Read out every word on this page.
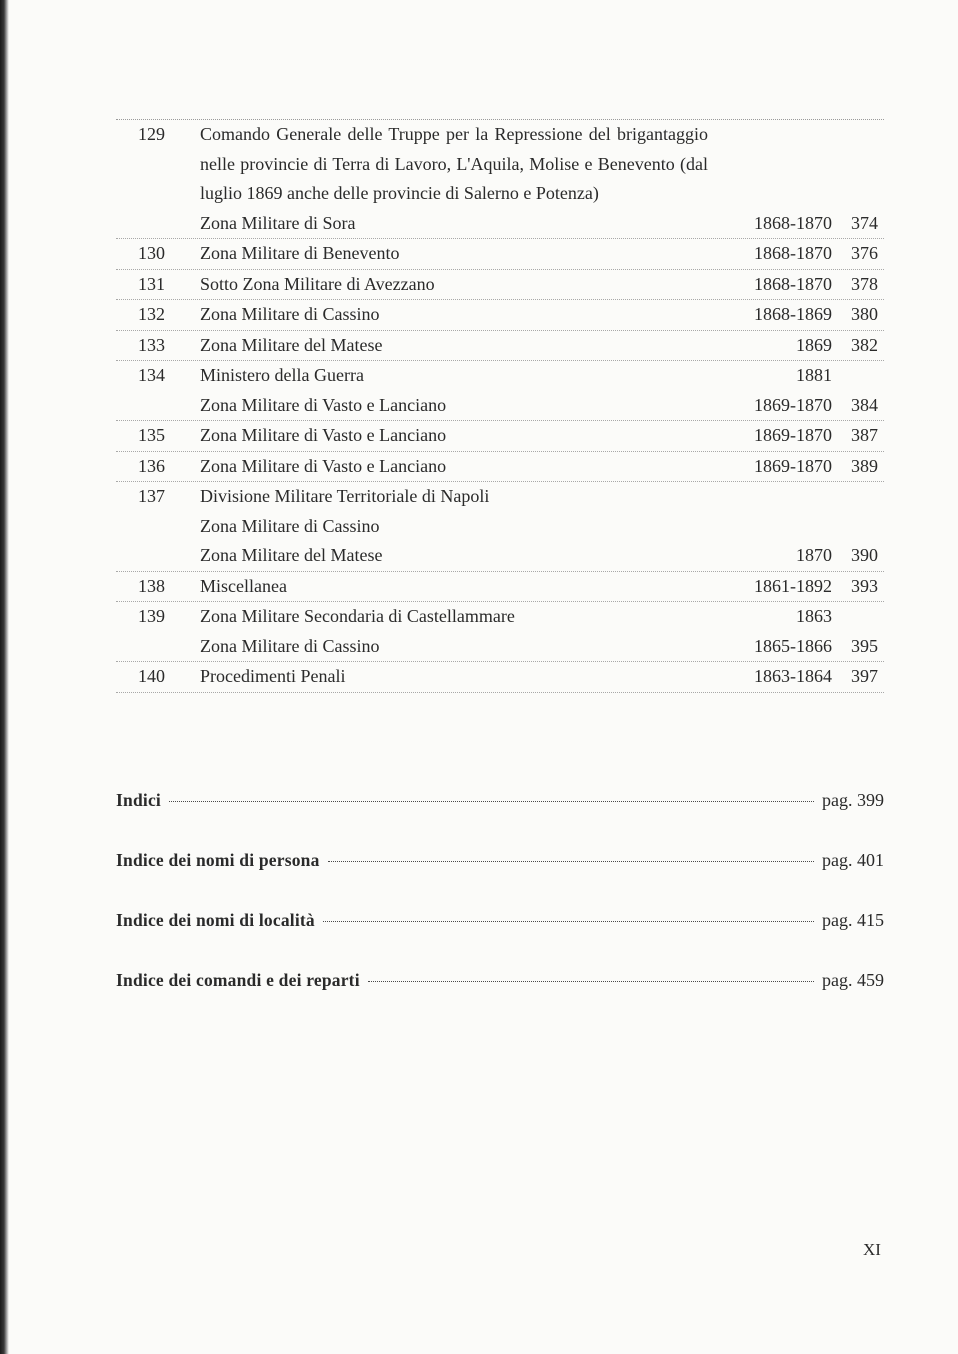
129	Comando Generale delle Truppe per la Repressione del brigantaggio nelle provincie di Terra di Lavoro, L'Aquila, Molise e Benevento (dal luglio 1869 anche delle provincie di Salerno e Potenza)
Zona Militare di Sora	1868-1870	374
130	Zona Militare di Benevento	1868-1870	376
131	Sotto Zona Militare di Avezzano	1868-1870	378
132	Zona Militare di Cassino	1868-1869	380
133	Zona Militare del Matese	1869	382
134	Ministero della Guerra	1881
Zona Militare di Vasto e Lanciano	1869-1870	384
135	Zona Militare di Vasto e Lanciano	1869-1870	387
136	Zona Militare di Vasto e Lanciano	1869-1870	389
137	Divisione Militare Territoriale di Napoli
Zona Militare di Cassino
Zona Militare del Matese	1870	390
138	Miscellanea	1861-1892	393
139	Zona Militare Secondaria di Castellammare	1863
Zona Militare di Cassino	1865-1866	395
140	Procedimenti Penali	1863-1864	397
Indici	pag. 399
Indice dei nomi di persona	pag. 401
Indice dei nomi di località	pag. 415
Indice dei comandi e dei reparti	pag. 459
XI
